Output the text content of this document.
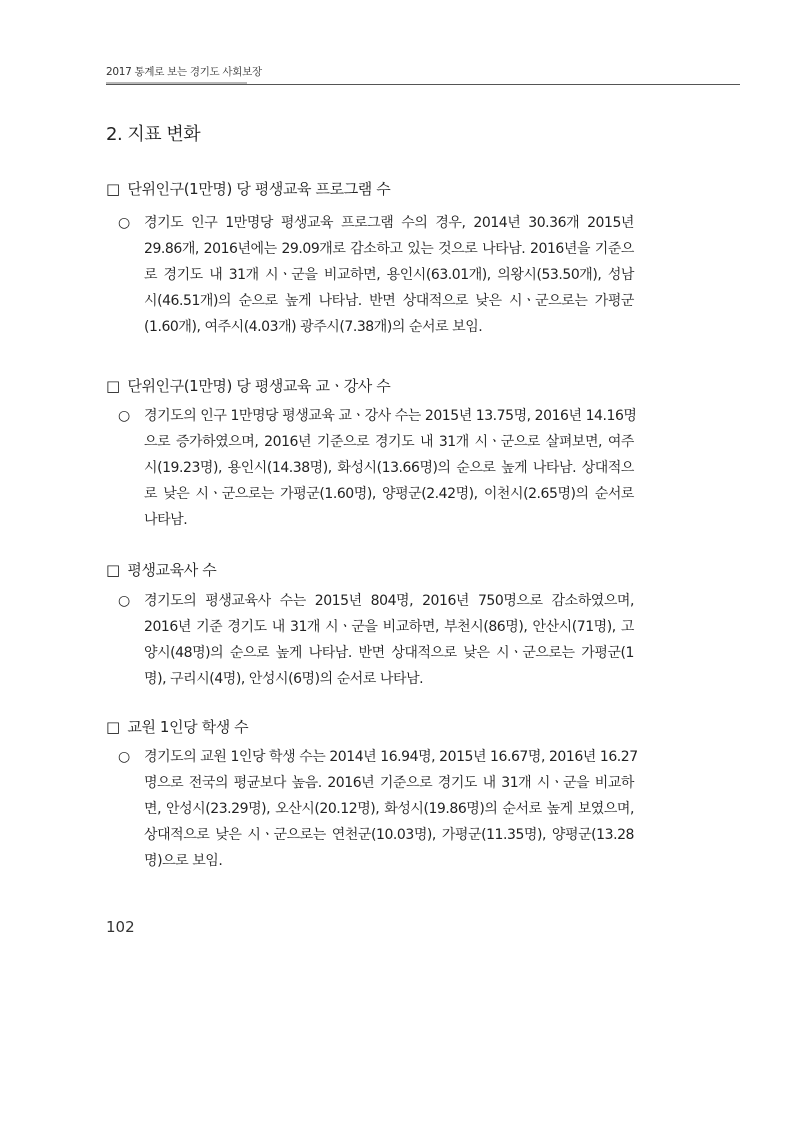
2017 통계로 보는 경기도 사회보장
2. 지표 변화
□ 단위인구(1만명) 당 평생교육 프로그램 수
○	경기도 인구 1만명당 평생교육 프로그램 수의 경우, 2014년 30.36개 2015년
29.86개, 2016년에는 29.09개로 감소하고 있는 것으로 나타남. 2016년을 기준으
로 경기도 내 31개 시ㆍ군을 비교하면, 용인시(63.01개), 의왕시(53.50개), 성남
시(46.51개)의 순으로 높게 나타남. 반면 상대적으로 낮은 시ㆍ군으로는 가평군
(1.60개), 여주시(4.03개) 광주시(7.38개)의 순서로 보임.
□ 단위인구(1만명) 당 평생교육 교ㆍ강사 수
○	경기도의 인구 1만명당 평생교육 교ㆍ강사 수는 2015년 13.75명, 2016년 14.16명
으로 증가하였으며, 2016년 기준으로 경기도 내 31개 시ㆍ군으로 살펴보면, 여주
시(19.23명), 용인시(14.38명), 화성시(13.66명)의 순으로 높게 나타남. 상대적으
로 낮은 시ㆍ군으로는 가평군(1.60명), 양평군(2.42명), 이천시(2.65명)의 순서로
나타남.
□ 평생교육사 수
○	경기도의 평생교육사 수는 2015년 804명, 2016년 750명으로 감소하였으며,
2016년 기준 경기도 내 31개 시ㆍ군을 비교하면, 부천시(86명), 안산시(71명), 고
양시(48명)의 순으로 높게 나타남. 반면 상대적으로 낮은 시ㆍ군으로는 가평군(1
명), 구리시(4명), 안성시(6명)의 순서로 나타남.
□ 교원 1인당 학생 수
○	경기도의 교원 1인당 학생 수는 2014년 16.94명, 2015년 16.67명, 2016년 16.27
명으로 전국의 평균보다 높음. 2016년 기준으로 경기도 내 31개 시ㆍ군을 비교하
면, 안성시(23.29명), 오산시(20.12명), 화성시(19.86명)의 순서로 높게 보였으며,
상대적으로 낮은 시ㆍ군으로는 연천군(10.03명), 가평군(11.35명), 양평군(13.28
명)으로 보임.
102
